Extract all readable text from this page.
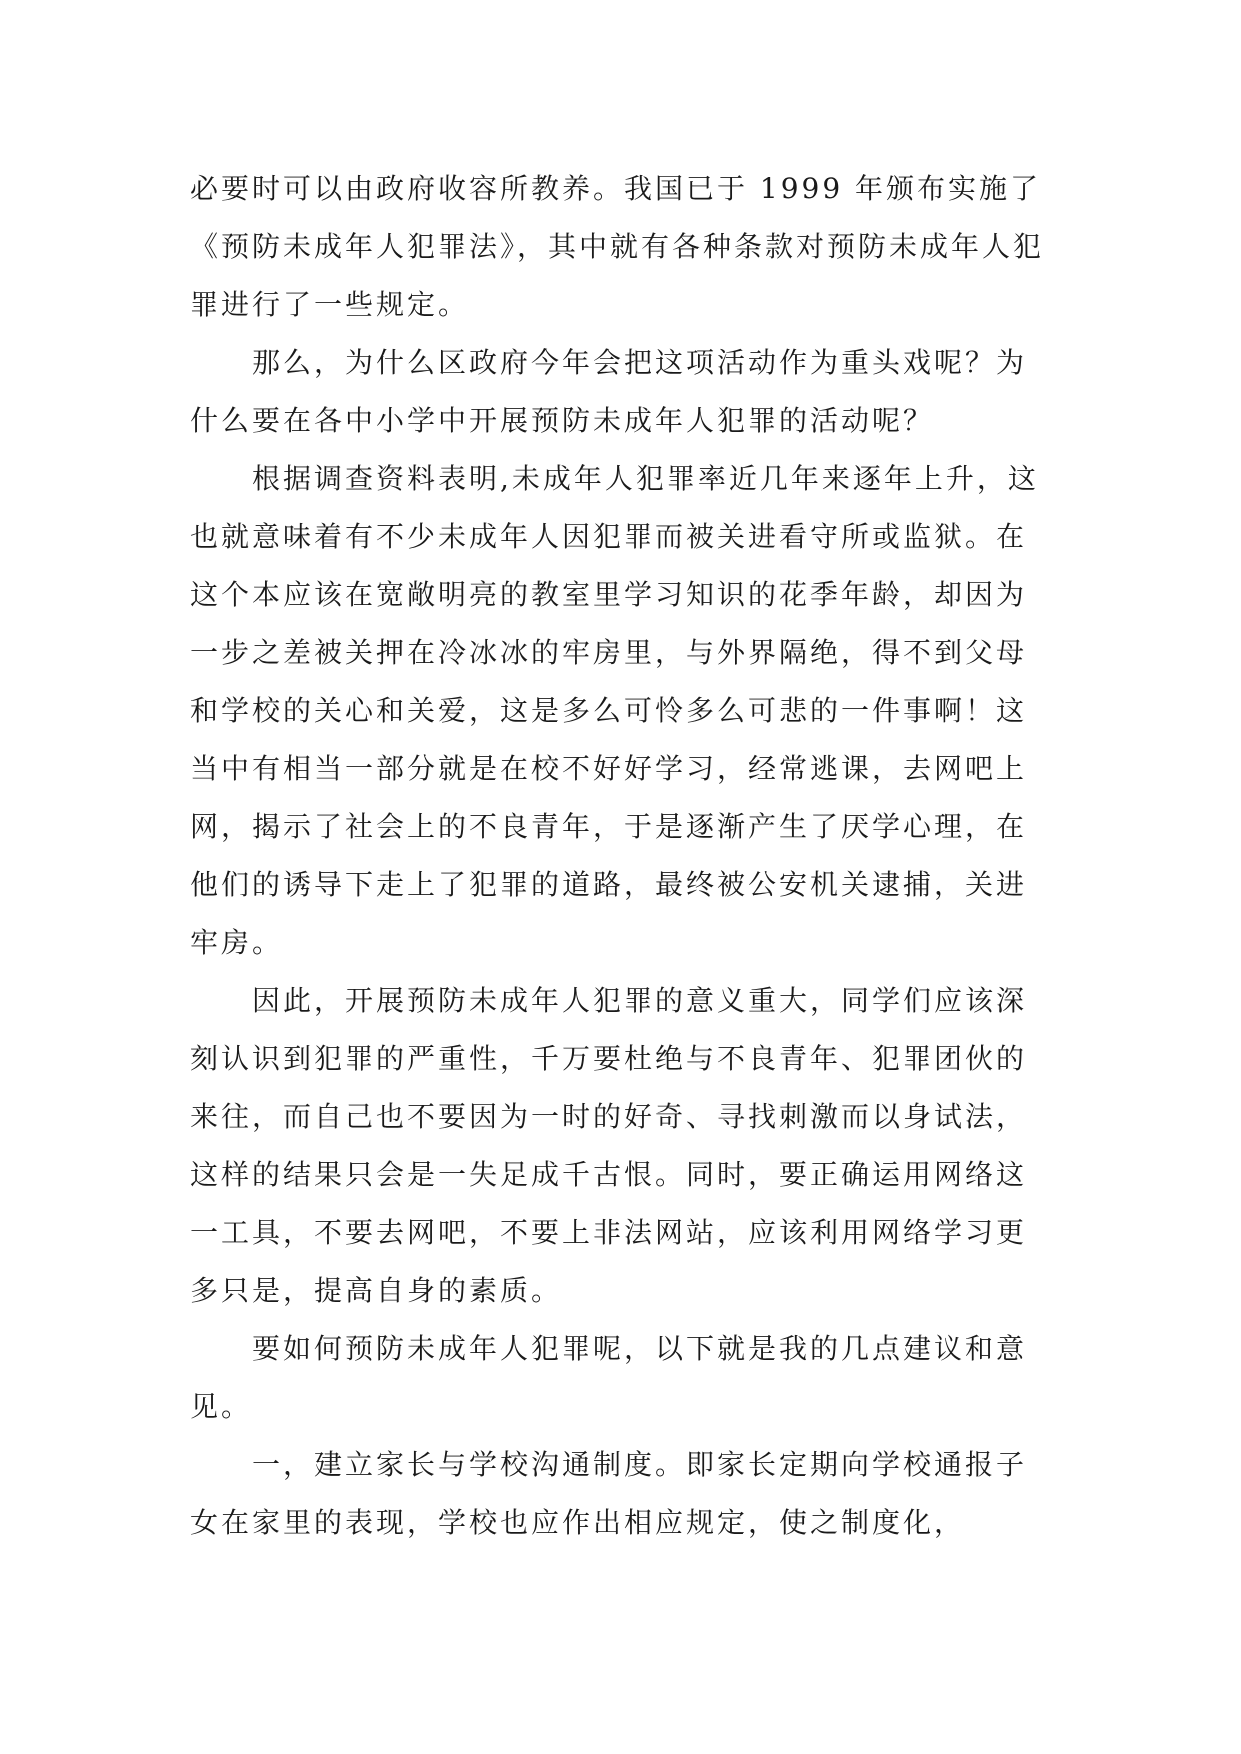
必要时可以由政府收容所教养。我国已于 1999 年颁布实施了《预防未成年人犯罪法》，其中就有各种条款对预防未成年人犯罪进行了一些规定。

那么，为什么区政府今年会把这项活动作为重头戏呢？为什么要在各中小学中开展预防未成年人犯罪的活动呢？

根据调查资料表明,未成年人犯罪率近几年来逐年上升，这也就意味着有不少未成年人因犯罪而被关进看守所或监狱。在这个本应该在宽敞明亮的教室里学习知识的花季年龄，却因为一步之差被关押在冷冰冰的牢房里，与外界隔绝，得不到父母和学校的关心和关爱，这是多么可怜多么可悲的一件事啊！这当中有相当一部分就是在校不好好学习，经常逃课，去网吧上网，揭示了社会上的不良青年，于是逐渐产生了厌学心理，在他们的诱导下走上了犯罪的道路，最终被公安机关逮捕，关进牢房。

因此，开展预防未成年人犯罪的意义重大，同学们应该深刻认识到犯罪的严重性，千万要杜绝与不良青年、犯罪团伙的来往，而自己也不要因为一时的好奇、寻找刺激而以身试法，这样的结果只会是一失足成千古恨。同时，要正确运用网络这一工具，不要去网吧，不要上非法网站，应该利用网络学习更多只是，提高自身的素质。

要如何预防未成年人犯罪呢，以下就是我的几点建议和意见。

一，建立家长与学校沟通制度。即家长定期向学校通报子女在家里的表现，学校也应作出相应规定，使之制度化，
